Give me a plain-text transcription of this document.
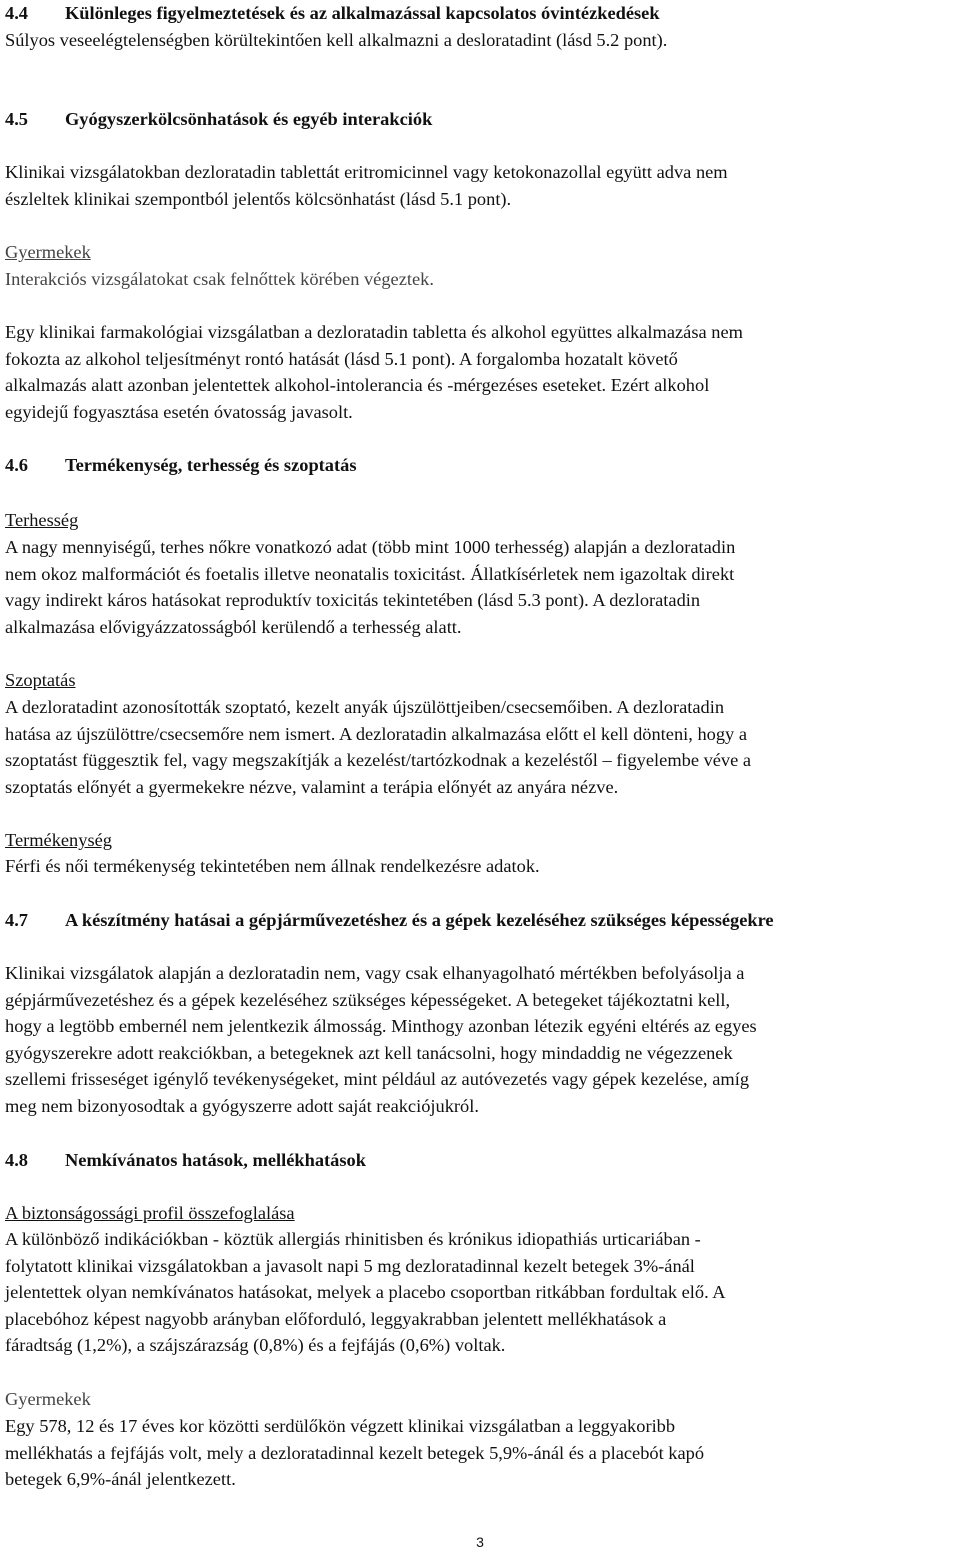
4.4 Különleges figyelmeztetések és az alkalmazással kapcsolatos óvintézkedések
Súlyos veseelégtelenségben körültekintően kell alkalmazni a desloratadint (lásd 5.2 pont).
4.5 Gyógyszerkölcsönhatások és egyéb interakciók
Klinikai vizsgálatokban dezloratadin tablettát eritromicinnel vagy ketokonazollal együtt adva nem
észleltek klinikai szempontból jelentős kölcsönhatást (lásd 5.1 pont).
Gyermekek
Interakciós vizsgálatokat csak felnőttek körében végeztek.
Egy klinikai farmakológiai vizsgálatban a dezloratadin tabletta és alkohol együttes alkalmazása nem
fokozta az alkohol teljesítményt rontó hatását (lásd 5.1 pont). A forgalomba hozatalt követő
alkalmazás alatt azonban jelentettek alkohol-intolerancia és -mérgezéses eseteket. Ezért alkohol
egyidejű fogyasztása esetén óvatosság javasolt.
4.6 Termékenység, terhesség és szoptatás
Terhesség
A nagy mennyiségű, terhes nőkre vonatkozó adat (több mint 1000 terhesség) alapján a dezloratadin
nem okoz malformációt és foetalis illetve neonatalis toxicitást. Állatkísérletek nem igazoltak direkt
vagy indirekt káros hatásokat reproduktív toxicitás tekintetében (lásd 5.3 pont). A dezloratadin
alkalmazása elővigyázzatosságból kerülendő a terhesség alatt.
Szoptatás
A dezloratadint azonosították szoptató, kezelt anyák újszülöttjeiben/csecsemőiben. A dezloratadin
hatása az újszülöttre/csecsemőre nem ismert. A dezloratadin alkalmazása előtt el kell dönteni, hogy a
szoptatást függesztik fel, vagy megszakítják a kezelést/tartózkodnak a kezeléstől – figyelembe véve a
szoptatás előnyét a gyermekekre nézve, valamint a terápia előnyét az anyára nézve.
Termékenység
Férfi és női termékenység tekintetében nem állnak rendelkezésre adatok.
4.7 A készítmény hatásai a gépjárművezetéshez és a gépek kezeléséhez szükséges képességekre
Klinikai vizsgálatok alapján a dezloratadin nem, vagy csak elhanyagolható mértékben befolyásolja a
gépjárművezetéshez és a gépek kezeléséhez szükséges képességeket. A betegeket tájékoztatni kell,
hogy a legtöbb embernél nem jelentkezik álmosság. Minthogy azonban létezik egyéni eltérés az egyes
gyógyszerekre adott reakciókban, a betegeknek azt kell tanácsolni, hogy mindaddig ne végezzenek
szellemi frisseséget igénylő tevékenységeket, mint például az autóvezetés vagy gépek kezelése, amíg
meg nem bizonyosodtak a gyógyszerre adott saját reakciójukról.
4.8 Nemkívánatos hatások, mellékhatások
A biztonságossági profil összefoglalása
A különböző indikációkban - köztük allergiás rhinitisben és krónikus idiopathiás urticariában -
folytatott klinikai vizsgálatokban a javasolt napi 5 mg dezloratadinnal kezelt betegek 3%-ánál
jelentettek olyan nemkívánatos hatásokat, melyek a placebo csoportban ritkábban fordultak elő. A
placebóhoz képest nagyobb arányban előforduló, leggyakrabban jelentett mellékhatások a
fáradtság (1,2%), a szájszárazság (0,8%) és a fejfájás (0,6%) voltak.
Gyermekek
Egy 578, 12 és 17 éves kor közötti serdülőkön végzett klinikai vizsgálatban a leggyakoribb
mellékhatás a fejfájás volt, mely a dezloratadinnal kezelt betegek 5,9%-ánál és a placebót kapó
betegek 6,9%-ánál jelentkezett.
3
